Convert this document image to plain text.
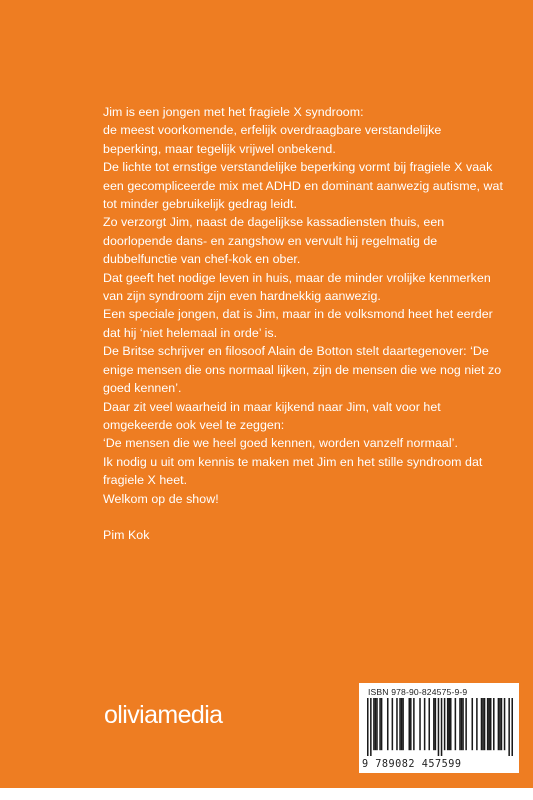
Jim is een jongen met het fragiele X syndroom:

de meest voorkomende, erfelijk overdraagbare verstandelijke beperking, maar tegelijk vrijwel onbekend.

De lichte tot ernstige verstandelijke beperking vormt bij fragiele X vaak een gecompliceerde mix met ADHD en dominant aanwezig autisme, wat tot minder gebruikelijk gedrag leidt.

Zo verzorgt Jim, naast de dagelijkse kassadiensten thuis, een doorlopende dans- en zangshow en vervult hij regelmatig de dubbelfunctie van chef-kok en ober.

Dat geeft het nodige leven in huis, maar de minder vrolijke kenmerken van zijn syndroom zijn even hardnekkig aanwezig.

Een speciale jongen, dat is Jim, maar in de volksmond heet het eerder dat hij ‘niet helemaal in orde’ is.

De Britse schrijver en filosoof Alain de Botton stelt daartegenover: ‘De enige mensen die ons normaal lijken, zijn de mensen die we nog niet zo goed kennen’.

Daar zit veel waarheid in maar kijkend naar Jim, valt voor het omgekeerde ook veel te zeggen:

‘De mensen die we heel goed kennen, worden vanzelf normaal’.

Ik nodig u uit om kennis te maken met Jim en het stille syndroom dat fragiele X heet.

Welkom op de show!

Pim Kok

oliviamedia
ISBN 978-90-824575-9-9
9 789082 457599
